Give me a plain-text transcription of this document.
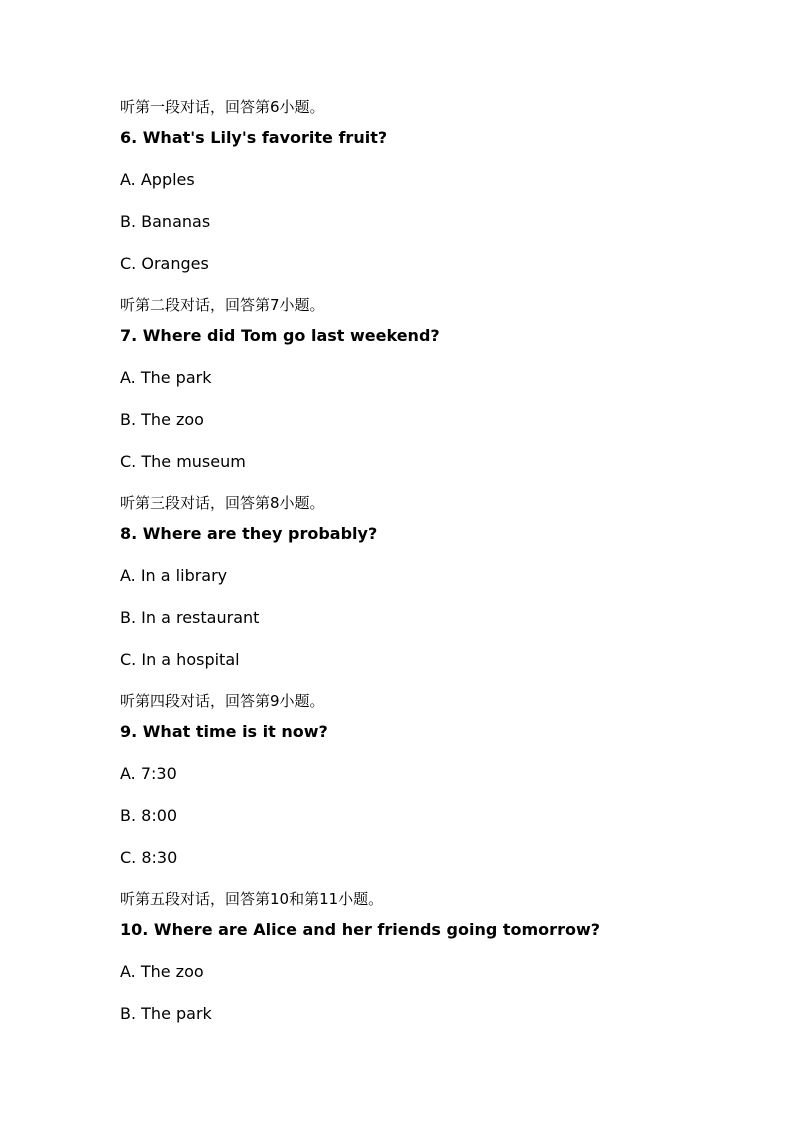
听第一段对话，回答第6小题。

6. What's Lily's favorite fruit?

A. Apples

B. Bananas

C. Oranges

听第二段对话，回答第7小题。

7. Where did Tom go last weekend?

A. The park

B. The zoo

C. The museum

听第三段对话，回答第8小题。

8. Where are they probably?

A. In a library

B. In a restaurant

C. In a hospital

听第四段对话，回答第9小题。

9. What time is it now?

A. 7:30

B. 8:00

C. 8:30

听第五段对话，回答第10和第11小题。

10. Where are Alice and her friends going tomorrow?

A. The zoo

B. The park
